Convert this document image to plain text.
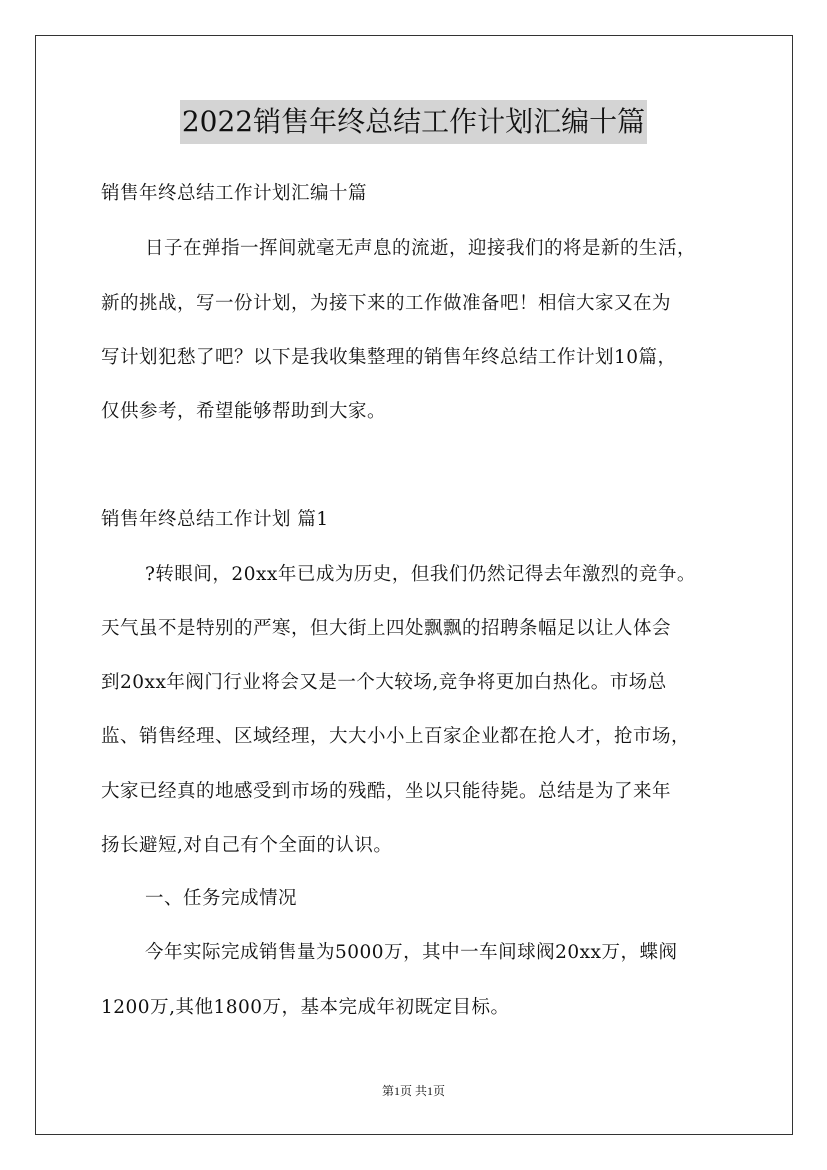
2022销售年终总结工作计划汇编十篇
销售年终总结工作计划汇编十篇
日子在弹指一挥间就毫无声息的流逝，迎接我们的将是新的生活，
新的挑战，写一份计划，为接下来的工作做准备吧！相信大家又在为
写计划犯愁了吧？以下是我收集整理的销售年终总结工作计划10篇，
仅供参考，希望能够帮助到大家。
销售年终总结工作计划 篇1
?转眼间，20xx年已成为历史，但我们仍然记得去年激烈的竞争。
天气虽不是特别的严寒，但大街上四处飘飘的招聘条幅足以让人体会
到20xx年阀门行业将会又是一个大较场,竞争将更加白热化。市场总
监、销售经理、区域经理，大大小小上百家企业都在抢人才，抢市场，
大家已经真的地感受到市场的残酷，坐以只能待毙。总结是为了来年
扬长避短,对自己有个全面的认识。
一、任务完成情况
今年实际完成销售量为5000万，其中一车间球阀20xx万，蝶阀
1200万,其他1800万，基本完成年初既定目标。
第1页 共1页
